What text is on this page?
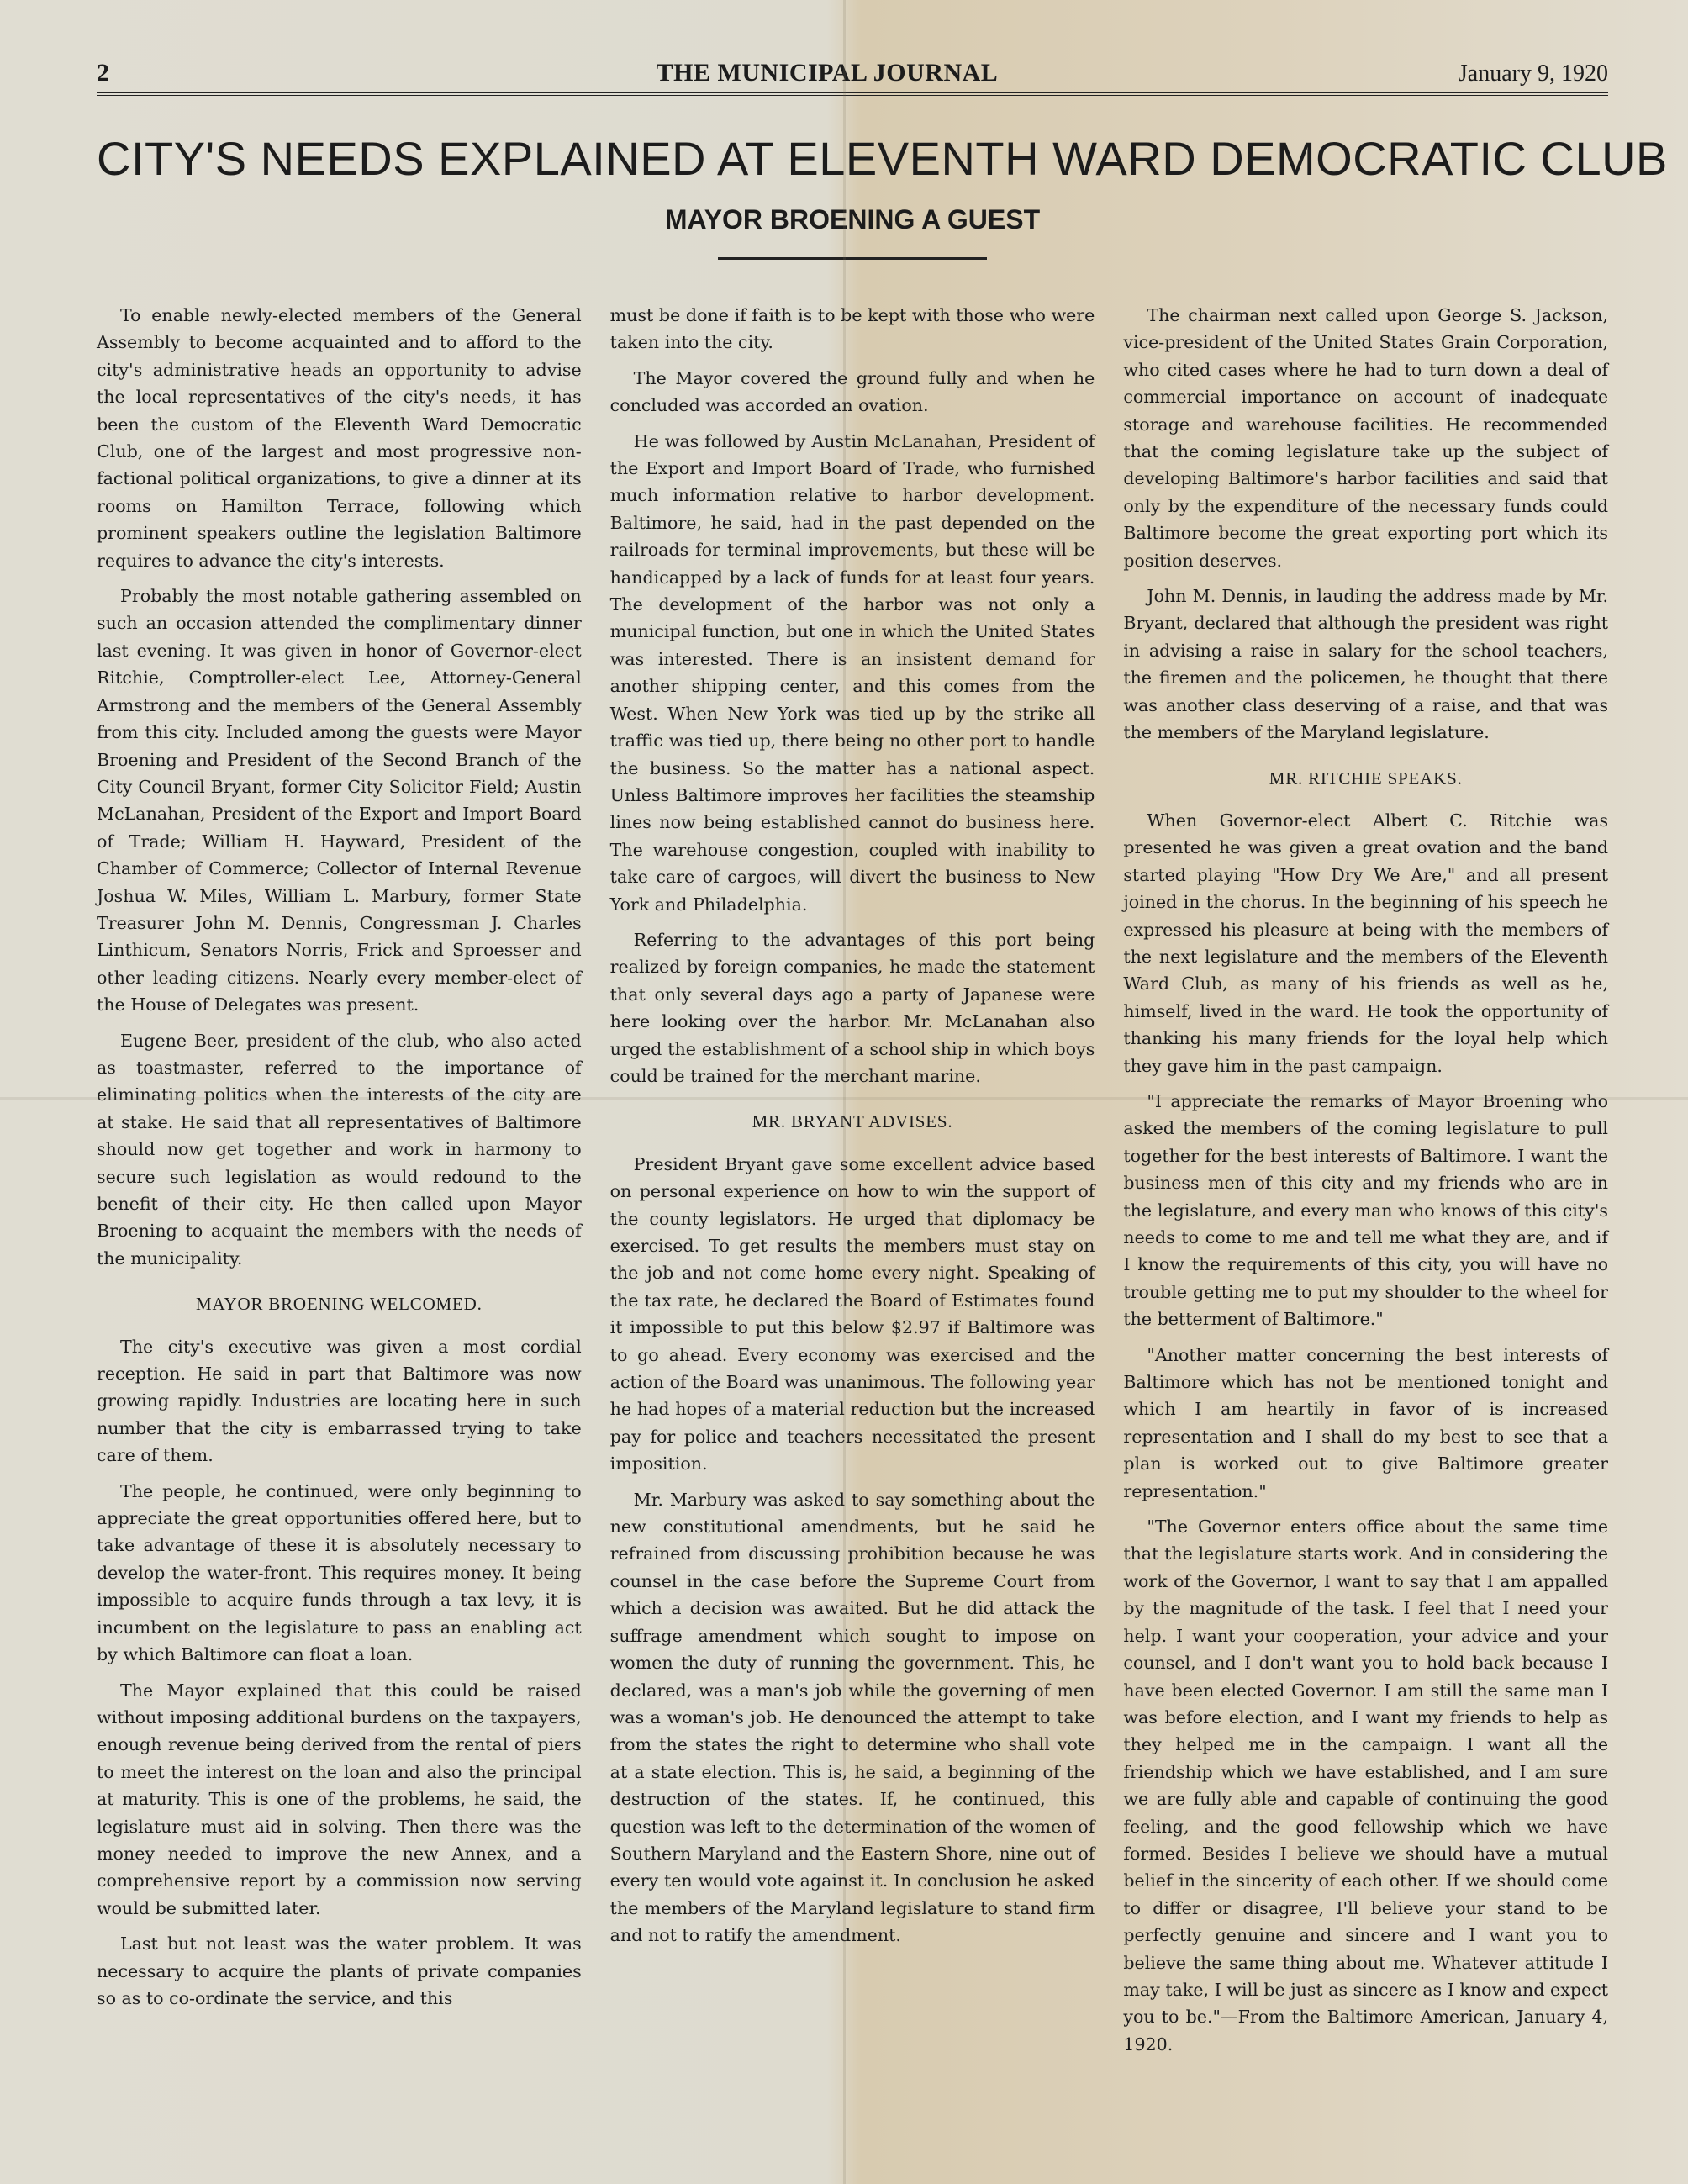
2	THE MUNICIPAL JOURNAL	January 9, 1920
CITY'S NEEDS EXPLAINED AT ELEVENTH WARD DEMOCRATIC CLUB
MAYOR BROENING A GUEST

To enable newly-elected members of the General Assembly to become acquainted and to afford to the city's administrative heads an opportunity to advise the local representatives of the city's needs, it has been the custom of the Eleventh Ward Democratic Club, one of the largest and most progressive non-factional political organizations, to give a dinner at its rooms on Hamilton Terrace, following which prominent speakers outline the legislation Baltimore requires to advance the city's interests.

Probably the most notable gathering assembled on such an occasion attended the complimentary dinner last evening. It was given in honor of Governor-elect Ritchie, Comptroller-elect Lee, Attorney-General Armstrong and the members of the General Assembly from this city. Included among the guests were Mayor Broening and President of the Second Branch of the City Council Bryant, former City Solicitor Field; Austin McLanahan, President of the Export and Import Board of Trade; William H. Hayward, President of the Chamber of Commerce; Collector of Internal Revenue Joshua W. Miles, William L. Marbury, former State Treasurer John M. Dennis, Congressman J. Charles Linthicum, Senators Norris, Frick and Sproesser and other leading citizens. Nearly every member-elect of the House of Delegates was present.

Eugene Beer, president of the club, who also acted as toastmaster, referred to the importance of eliminating politics when the interests of the city are at stake. He said that all representatives of Baltimore should now get together and work in harmony to secure such legislation as would redound to the benefit of their city. He then called upon Mayor Broening to acquaint the members with the needs of the municipality.

MAYOR BROENING WELCOMED.

The city's executive was given a most cordial reception. He said in part that Baltimore was now growing rapidly. Industries are locating here in such number that the city is embarrassed trying to take care of them.

The people, he continued, were only beginning to appreciate the great opportunities offered here, but to take advantage of these it is absolutely necessary to develop the water-front. This requires money. It being impossible to acquire funds through a tax levy, it is incumbent on the legislature to pass an enabling act by which Baltimore can float a loan.

The Mayor explained that this could be raised without imposing additional burdens on the taxpayers, enough revenue being derived from the rental of piers to meet the interest on the loan and also the principal at maturity. This is one of the problems, he said, the legislature must aid in solving. Then there was the money needed to improve the new Annex, and a comprehensive report by a commission now serving would be submitted later.

Last but not least was the water problem. It was necessary to acquire the plants of private companies so as to co-ordinate the service, and this

must be done if faith is to be kept with those who were taken into the city.

The Mayor covered the ground fully and when he concluded was accorded an ovation.

He was followed by Austin McLanahan, President of the Export and Import Board of Trade, who furnished much information relative to harbor development. Baltimore, he said, had in the past depended on the railroads for terminal improvements, but these will be handicapped by a lack of funds for at least four years. The development of the harbor was not only a municipal function, but one in which the United States was interested. There is an insistent demand for another shipping center, and this comes from the West. When New York was tied up by the strike all traffic was tied up, there being no other port to handle the business. So the matter has a national aspect. Unless Baltimore improves her facilities the steamship lines now being established cannot do business here. The warehouse congestion, coupled with inability to take care of cargoes, will divert the business to New York and Philadelphia.

Referring to the advantages of this port being realized by foreign companies, he made the statement that only several days ago a party of Japanese were here looking over the harbor. Mr. McLanahan also urged the establishment of a school ship in which boys could be trained for the merchant marine.

MR. BRYANT ADVISES.

President Bryant gave some excellent advice based on personal experience on how to win the support of the county legislators. He urged that diplomacy be exercised. To get results the members must stay on the job and not come home every night. Speaking of the tax rate, he declared the Board of Estimates found it impossible to put this below $2.97 if Baltimore was to go ahead. Every economy was exercised and the action of the Board was unanimous. The following year he had hopes of a material reduction but the increased pay for police and teachers necessitated the present imposition.

Mr. Marbury was asked to say something about the new constitutional amendments, but he said he refrained from discussing prohibition because he was counsel in the case before the Supreme Court from which a decision was awaited. But he did attack the suffrage amendment which sought to impose on women the duty of running the government. This, he declared, was a man's job while the governing of men was a woman's job. He denounced the attempt to take from the states the right to determine who shall vote at a state election. This is, he said, a beginning of the destruction of the states. If, he continued, this question was left to the determination of the women of Southern Maryland and the Eastern Shore, nine out of every ten would vote against it. In conclusion he asked the members of the Maryland legislature to stand firm and not to ratify the amendment.

The chairman next called upon George S. Jackson, vice-president of the United States Grain Corporation, who cited cases where he had to turn down a deal of commercial importance on account of inadequate storage and warehouse facilities. He recommended that the coming legislature take up the subject of developing Baltimore's harbor facilities and said that only by the expenditure of the necessary funds could Baltimore become the great exporting port which its position deserves.

John M. Dennis, in lauding the address made by Mr. Bryant, declared that although the president was right in advising a raise in salary for the school teachers, the firemen and the policemen, he thought that there was another class deserving of a raise, and that was the members of the Maryland legislature.

MR. RITCHIE SPEAKS.

When Governor-elect Albert C. Ritchie was presented he was given a great ovation and the band started playing "How Dry We Are," and all present joined in the chorus. In the beginning of his speech he expressed his pleasure at being with the members of the next legislature and the members of the Eleventh Ward Club, as many of his friends as well as he, himself, lived in the ward. He took the opportunity of thanking his many friends for the loyal help which they gave him in the past campaign.

"I appreciate the remarks of Mayor Broening who asked the members of the coming legislature to pull together for the best interests of Baltimore. I want the business men of this city and my friends who are in the legislature, and every man who knows of this city's needs to come to me and tell me what they are, and if I know the requirements of this city, you will have no trouble getting me to put my shoulder to the wheel for the betterment of Baltimore."

"Another matter concerning the best interests of Baltimore which has not be mentioned tonight and which I am heartily in favor of is increased representation and I shall do my best to see that a plan is worked out to give Baltimore greater representation."

"The Governor enters office about the same time that the legislature starts work. And in considering the work of the Governor, I want to say that I am appalled by the magnitude of the task. I feel that I need your help. I want your cooperation, your advice and your counsel, and I don't want you to hold back because I have been elected Governor. I am still the same man I was before election, and I want my friends to help as they helped me in the campaign. I want all the friendship which we have established, and I am sure we are fully able and capable of continuing the good feeling, and the good fellowship which we have formed. Besides I believe we should have a mutual belief in the sincerity of each other. If we should come to differ or disagree, I'll believe your stand to be perfectly genuine and sincere and I want you to believe the same thing about me. Whatever attitude I may take, I will be just as sincere as I know and expect you to be."—From the Baltimore American, January 4, 1920.
